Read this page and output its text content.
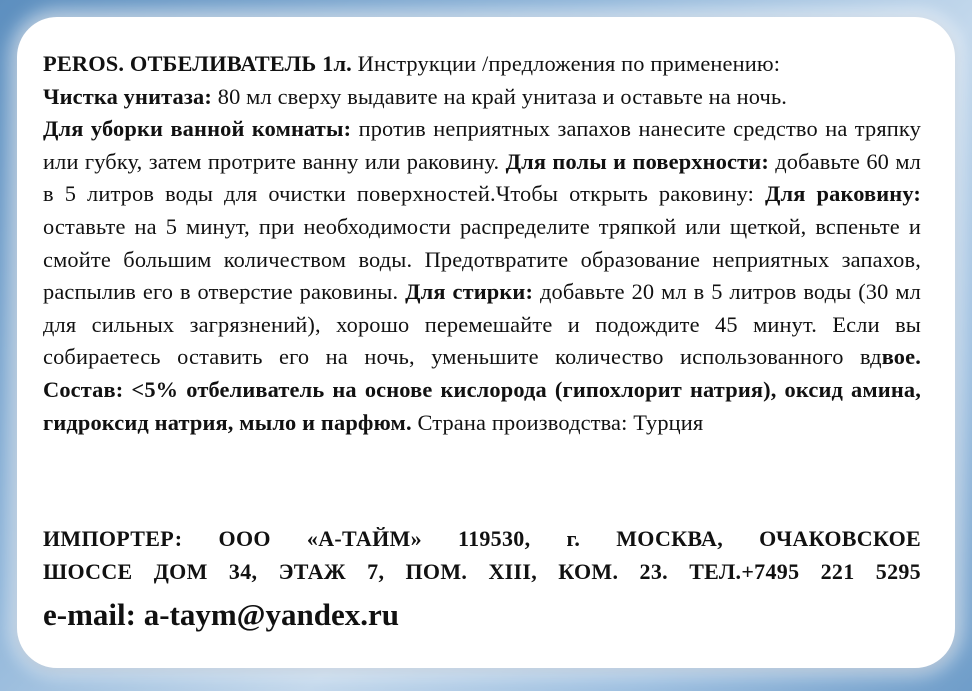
PEROS. ОТБЕЛИВАТЕЛЬ 1л. Инструкции /предложения по применению:
Чистка унитаза: 80 мл сверху выдавите на край унитаза и оставьте на ночь.
Для уборки ванной комнаты: против неприятных запахов нанесите средство на тряпку или губку, затем протрите ванну или раковину. Для полы и поверхности: добавьте 60 мл в 5 литров воды для очистки поверхностей.Чтобы открыть раковину: Для раковину: оставьте на 5 минут, при необходимости распределите тряпкой или щеткой, вспеньте и смойте большим количеством воды. Предотвратите образование неприятных запахов, распылив его в отверстие раковины. Для стирки: добавьте 20 мл в 5 литров воды (30 мл для сильных загрязнений), хорошо перемешайте и подождите 45 минут. Если вы собираетесь оставить его на ночь, уменьшите количество использованного вдвое. Состав: <5% отбеливатель на основе кислорода (гипохлорит натрия), оксид амина, гидроксид натрия, мыло и парфюм. Страна производства: Турция
ИМПОРТЕР: ООО «А-ТАЙМ» 119530, г. МОСКВА, ОЧАКОВСКОЕ
ШОССЕ ДОМ 34, ЭТАЖ 7, ПОМ. XIII, КОМ. 23. ТЕЛ.+7495 221 5295
e-mail: a-taym@yandex.ru
